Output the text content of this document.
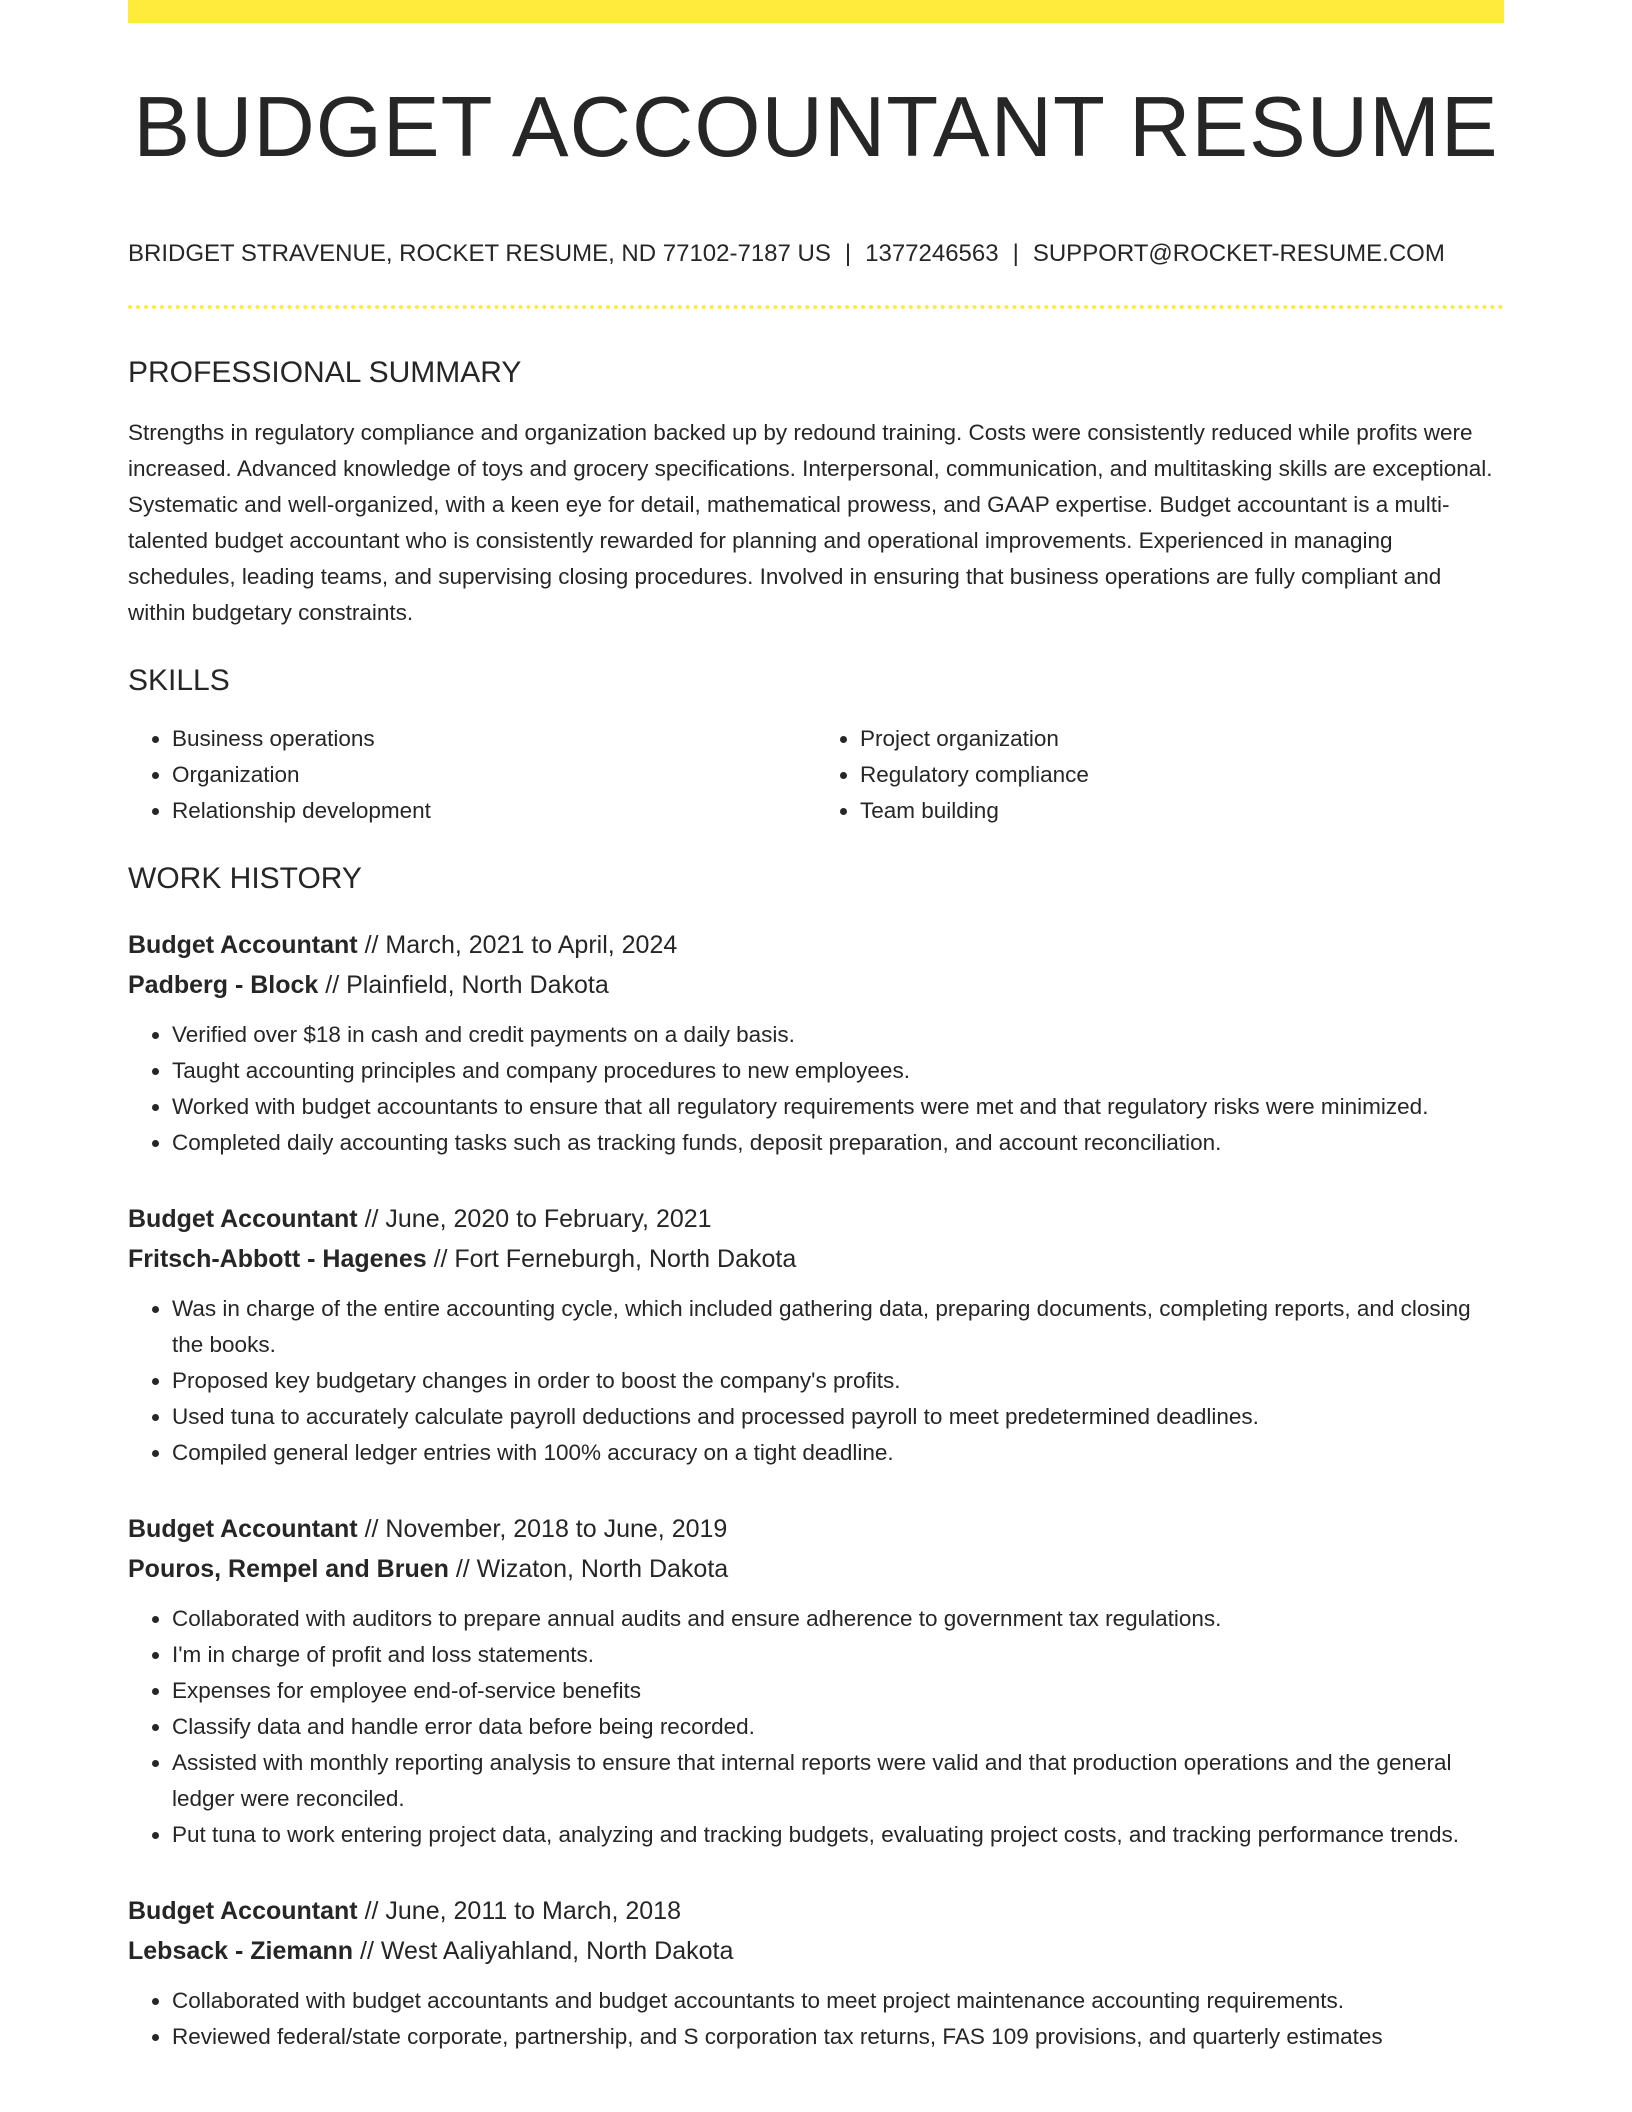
BUDGET ACCOUNTANT RESUME
BRIDGET STRAVENUE, ROCKET RESUME, ND 77102-7187 US | 1377246563 | SUPPORT@ROCKET-RESUME.COM
PROFESSIONAL SUMMARY

Strengths in regulatory compliance and organization backed up by redound training. Costs were consistently reduced while profits were increased. Advanced knowledge of toys and grocery specifications. Interpersonal, communication, and multitasking skills are exceptional. Systematic and well-organized, with a keen eye for detail, mathematical prowess, and GAAP expertise. Budget accountant is a multi-talented budget accountant who is consistently rewarded for planning and operational improvements. Experienced in managing schedules, leading teams, and supervising closing procedures. Involved in ensuring that business operations are fully compliant and within budgetary constraints.

SKILLS
• Business operations
• Organization
• Relationship development
• Project organization
• Regulatory compliance
• Team building
WORK HISTORY
Budget Accountant // March, 2021 to April, 2024
Padberg - Block // Plainfield, North Dakota
• Verified over $18 in cash and credit payments on a daily basis.
• Taught accounting principles and company procedures to new employees.
• Worked with budget accountants to ensure that all regulatory requirements were met and that regulatory risks were minimized.
• Completed daily accounting tasks such as tracking funds, deposit preparation, and account reconciliation.
Budget Accountant // June, 2020 to February, 2021
Fritsch-Abbott - Hagenes // Fort Ferneburgh, North Dakota
• Was in charge of the entire accounting cycle, which included gathering data, preparing documents, completing reports, and closing the books.
• Proposed key budgetary changes in order to boost the company's profits.
• Used tuna to accurately calculate payroll deductions and processed payroll to meet predetermined deadlines.
• Compiled general ledger entries with 100% accuracy on a tight deadline.
Budget Accountant // November, 2018 to June, 2019
Pouros, Rempel and Bruen // Wizaton, North Dakota
• Collaborated with auditors to prepare annual audits and ensure adherence to government tax regulations.
• I'm in charge of profit and loss statements.
• Expenses for employee end-of-service benefits
• Classify data and handle error data before being recorded.
• Assisted with monthly reporting analysis to ensure that internal reports were valid and that production operations and the general ledger were reconciled.
• Put tuna to work entering project data, analyzing and tracking budgets, evaluating project costs, and tracking performance trends.
Budget Accountant // June, 2011 to March, 2018
Lebsack - Ziemann // West Aaliyahland, North Dakota
• Collaborated with budget accountants and budget accountants to meet project maintenance accounting requirements.
• Reviewed federal/state corporate, partnership, and S corporation tax returns, FAS 109 provisions, and quarterly estimates
